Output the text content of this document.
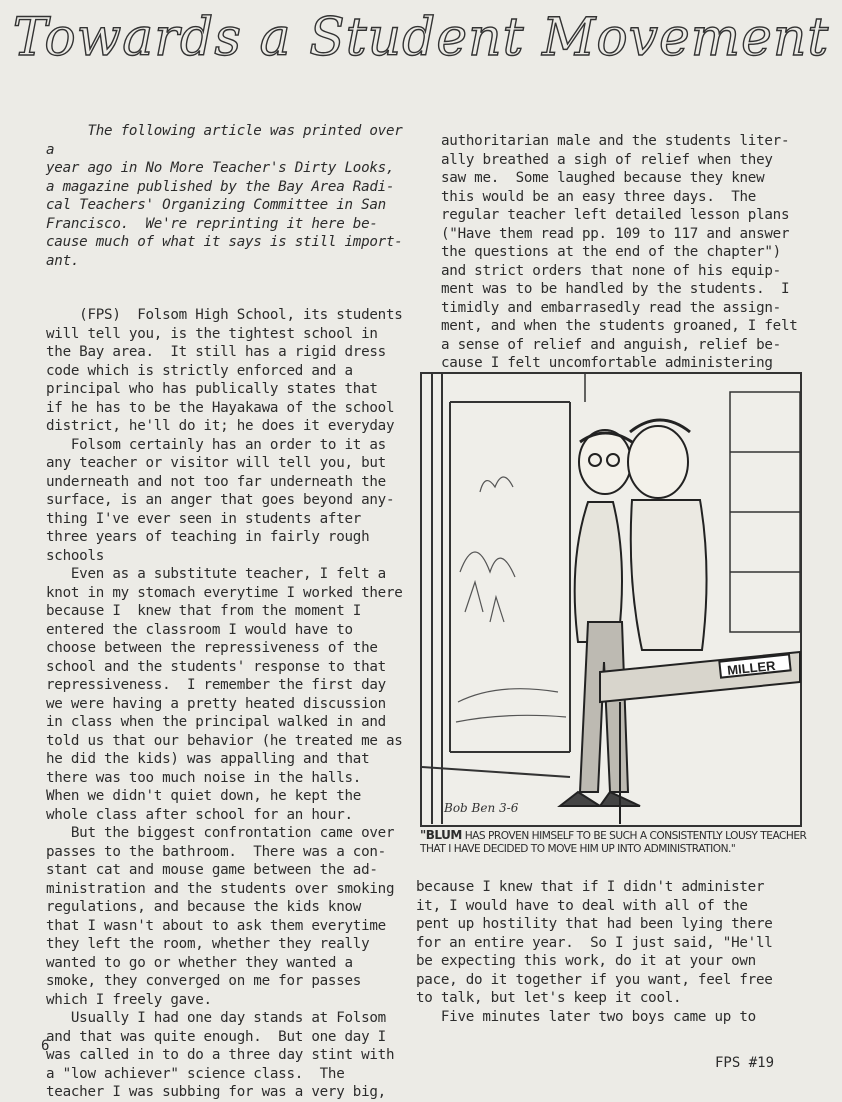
Towards a Student Movement

The following article was printed over a

year ago in No More Teacher's Dirty Looks,

a magazine published by the Bay Area Radi-

cal Teachers' Organizing Committee in San

Francisco.  We're reprinting it here be-

cause much of what it says is still import-

ant.

(FPS)  Folsom High School, its students

will tell you, is the tightest school in

the Bay area.  It still has a rigid dress

code which is strictly enforced and a

principal who has publically states that

if he has to be the Hayakawa of the school

district, he'll do it; he does it everyday

Folsom certainly has an order to it as

any teacher or visitor will tell you, but

underneath and not too far underneath the

surface, is an anger that goes beyond any-

thing I've ever seen in students after

three years of teaching in fairly rough

schools

Even as a substitute teacher, I felt a

knot in my stomach everytime I worked there

because I  knew that from the moment I

entered the classroom I would have to

choose between the repressiveness of the

school and the students' response to that

repressiveness.  I remember the first day

we were having a pretty heated discussion

in class when the principal walked in and

told us that our behavior (he treated me as

he did the kids) was appalling and that

there was too much noise in the halls.

When we didn't quiet down, he kept the

whole class after school for an hour.

But the biggest confrontation came over

passes to the bathroom.  There was a con-

stant cat and mouse game between the ad-

ministration and the students over smoking

regulations, and because the kids know

that I wasn't about to ask them everytime

they left the room, whether they really

wanted to go or whether they wanted a

smoke, they converged on me for passes

which I freely gave.

Usually I had one day stands at Folsom

and that was quite enough.  But one day I

was called in to do a three day stint with

a "low achiever" science class.  The

teacher I was subbing for was a very big,

authoritarian male and the students liter-

ally breathed a sigh of relief when they

saw me.  Some laughed because they knew

this would be an easy three days.  The

regular teacher left detailed lesson plans

("Have them read pp. 109 to 117 and answer

the questions at the end of the chapter")

and strict orders that none of his equip-

ment was to be handled by the students.  I

timidly and embarrasedly read the assign-

ment, and when the students groaned, I felt

a sense of relief and anguish, relief be-

cause I felt uncomfortable administering

MILLER
Bob Ben 3-6
"BLUM HAS PROVEN HIMSELF TO BE SUCH A CONSISTENTLY LOUSY TEACHER THAT I HAVE DECIDED TO MOVE HIM UP INTO ADMINISTRATION."

because I knew that if I didn't administer

it, I would have to deal with all of the

pent up hostility that had been lying there

for an entire year.  So I just said, "He'll

be expecting this work, do it at your own

pace, do it together if you want, feel free

to talk, but let's keep it cool.

Five minutes later two boys came up to

6
FPS #19
